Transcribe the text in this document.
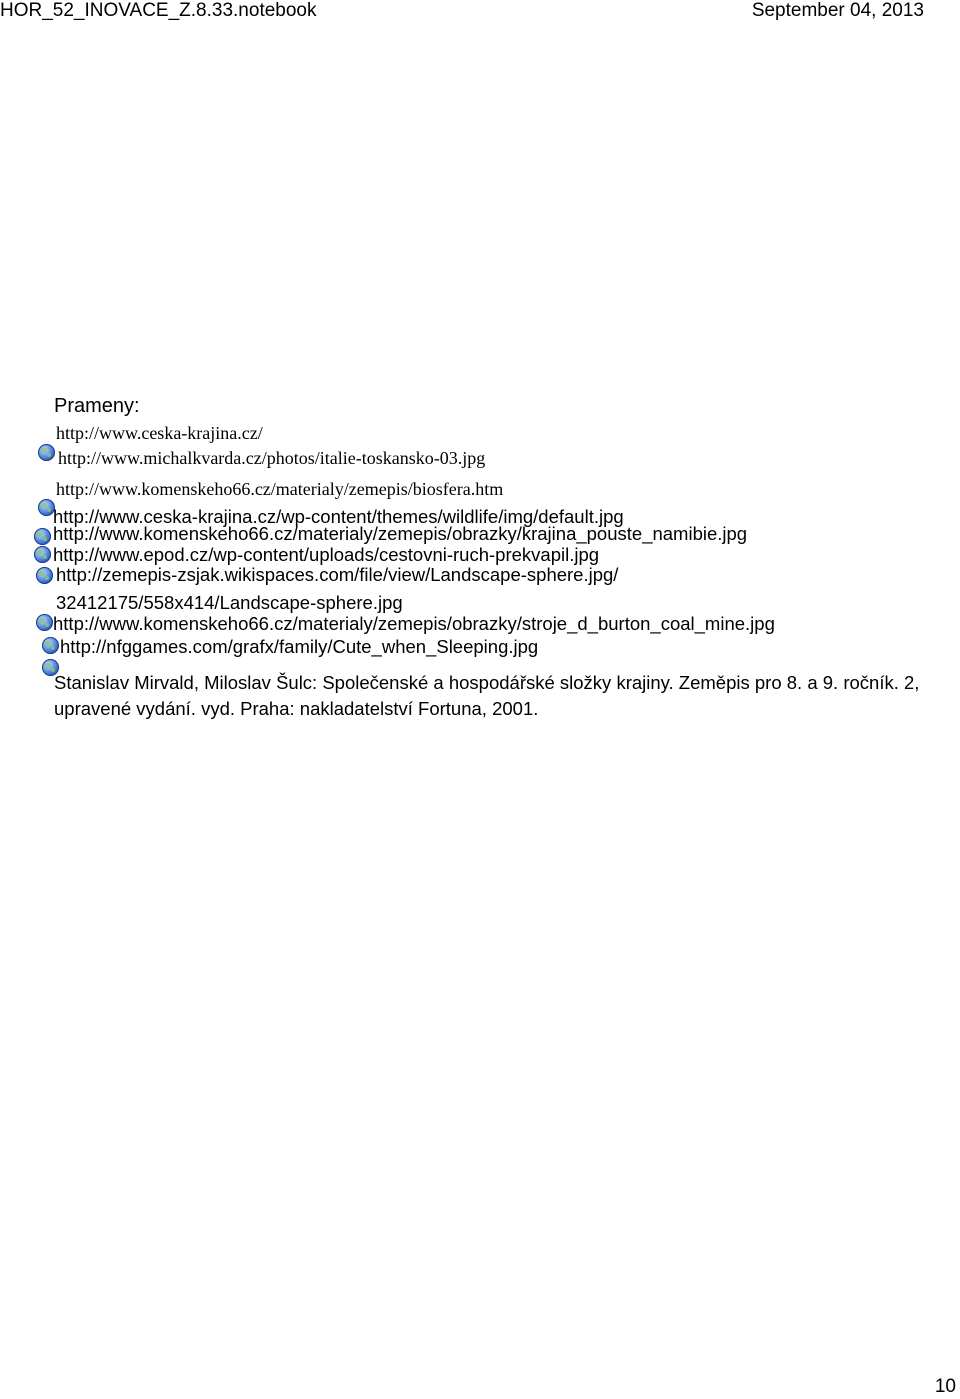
HOR_52_INOVACE_Z.8.33.notebook	September 04, 2013
Prameny:
http://www.ceska-krajina.cz/
http://www.michalkvarda.cz/photos/italie-toskansko-03.jpg
http://www.komenskeho66.cz/materialy/zemepis/biosfera.htm
http://www.ceska-krajina.cz/wp-content/themes/wildlife/img/default.jpg
http://www.komenskeho66.cz/materialy/zemepis/obrazky/krajina_pouste_namibie.jpg
http://www.epod.cz/wp-content/uploads/cestovni-ruch-prekvapil.jpg
http://zemepis-zsjak.wikispaces.com/file/view/Landscape-sphere.jpg/
32412175/558x414/Landscape-sphere.jpg
http://www.komenskeho66.cz/materialy/zemepis/obrazky/stroje_d_burton_coal_mine.jpg
http://nfggames.com/grafx/family/Cute_when_Sleeping.jpg
Stanislav Mirvald, Miloslav Šulc: Společenské a hospodářské složky krajiny. Zeměpis pro 8. a 9. ročník. 2, upravené vydání. vyd. Praha: nakladatelství Fortuna, 2001.
10
